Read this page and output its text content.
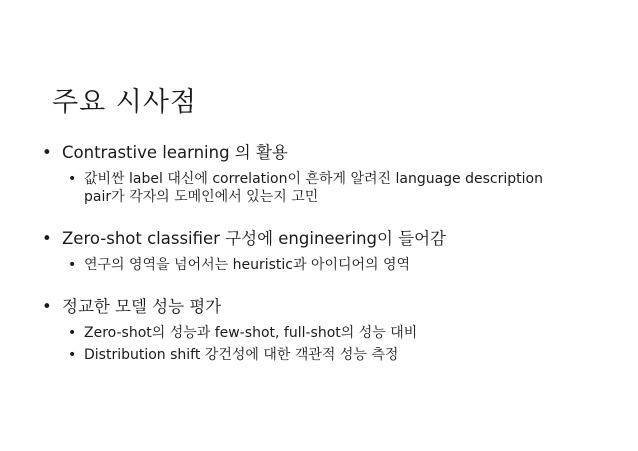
주요 시사점
• Contrastive learning 의 활용
• 값비싼 label 대신에 correlation이 흔하게 알려진 language description pair가 각자의 도메인에서 있는지 고민
• Zero-shot classifier 구성에 engineering이 들어감
• 연구의 영역을 넘어서는 heuristic과 아이디어의 영역
• 정교한 모델 성능 평가
• Zero-shot의 성능과 few-shot, full-shot의 성능 대비
• Distribution shift 강건성에 대한 객관적 성능 측정
